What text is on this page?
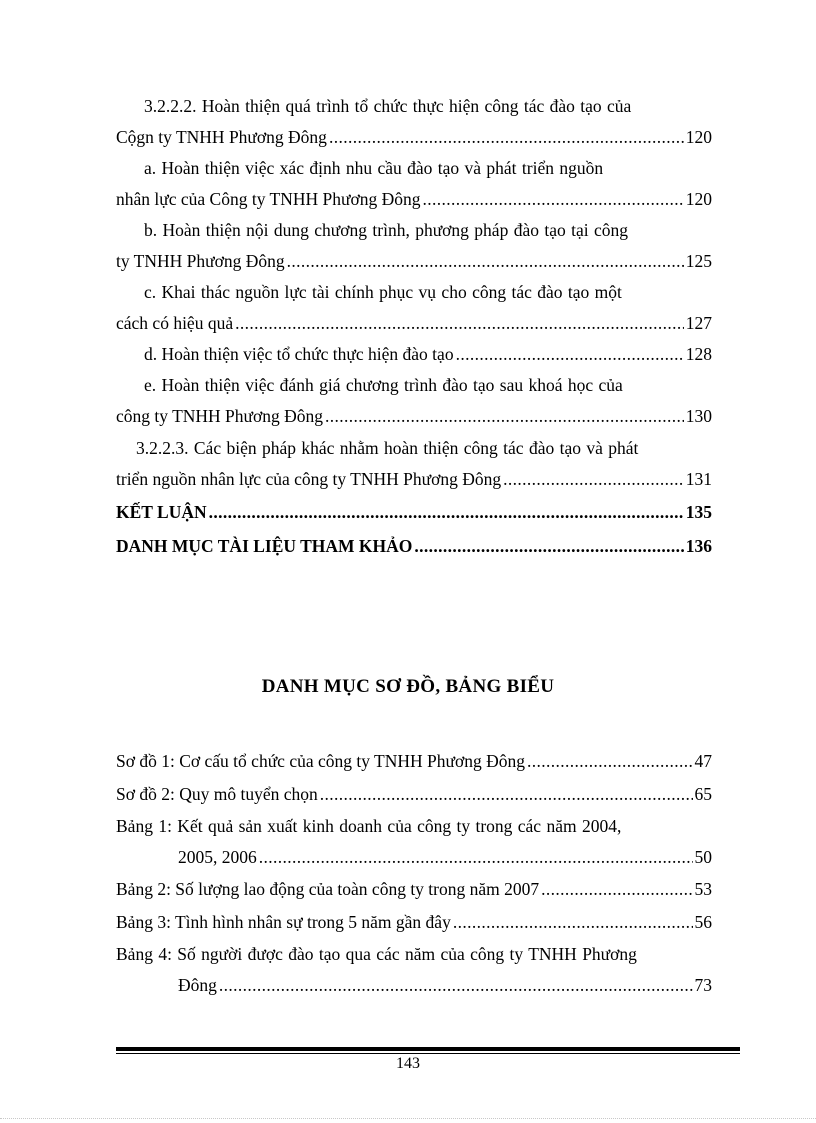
3.2.2.2. Hoàn thiện quá trình tổ chức thực hiện công tác đào tạo của
Cộgn ty TNHH Phương Đông . . .	120
a. Hoàn thiện việc xác định nhu cầu đào tạo và phát triển nguồn
nhân lực của Công ty TNHH Phương Đông . . .	120
b. Hoàn thiện nội dung chương trình, phương pháp đào tạo tại công
ty TNHH Phương Đông . . .	125
c. Khai thác nguồn lực tài chính phục vụ cho công tác đào tạo một
cách có hiệu quả . . .	127
d. Hoàn thiện việc tổ chức thực hiện đào tạo . . .	128
e. Hoàn thiện việc đánh giá chương trình đào tạo sau khoá học của
công ty TNHH Phương Đông . . .	130
3.2.2.3. Các biện pháp khác nhằm hoàn thiện công tác đào tạo và phát
triển nguồn nhân lực của công ty TNHH Phương Đông . . .	131
KẾT LUẬN . . .	135
DANH MỤC TÀI LIỆU THAM KHẢO . . .	136
DANH MỤC SƠ ĐỒ, BẢNG BIỂU
Sơ đồ 1: Cơ cấu tổ chức của công ty TNHH Phương Đông . . .	47
Sơ đồ 2: Quy mô tuyển chọn . . .	65
Bảng 1: Kết quả sản xuất kinh doanh của công ty trong các năm 2004,
2005, 2006 . . .	50
Bảng 2: Số lượng lao động của toàn công ty trong năm 2007 . . .	53
Bảng 3: Tình hình nhân sự trong 5 năm gần đây . . .	56
Bảng 4: Số người được đào tạo qua các năm của công ty TNHH Phương
Đông . . .	73
143
